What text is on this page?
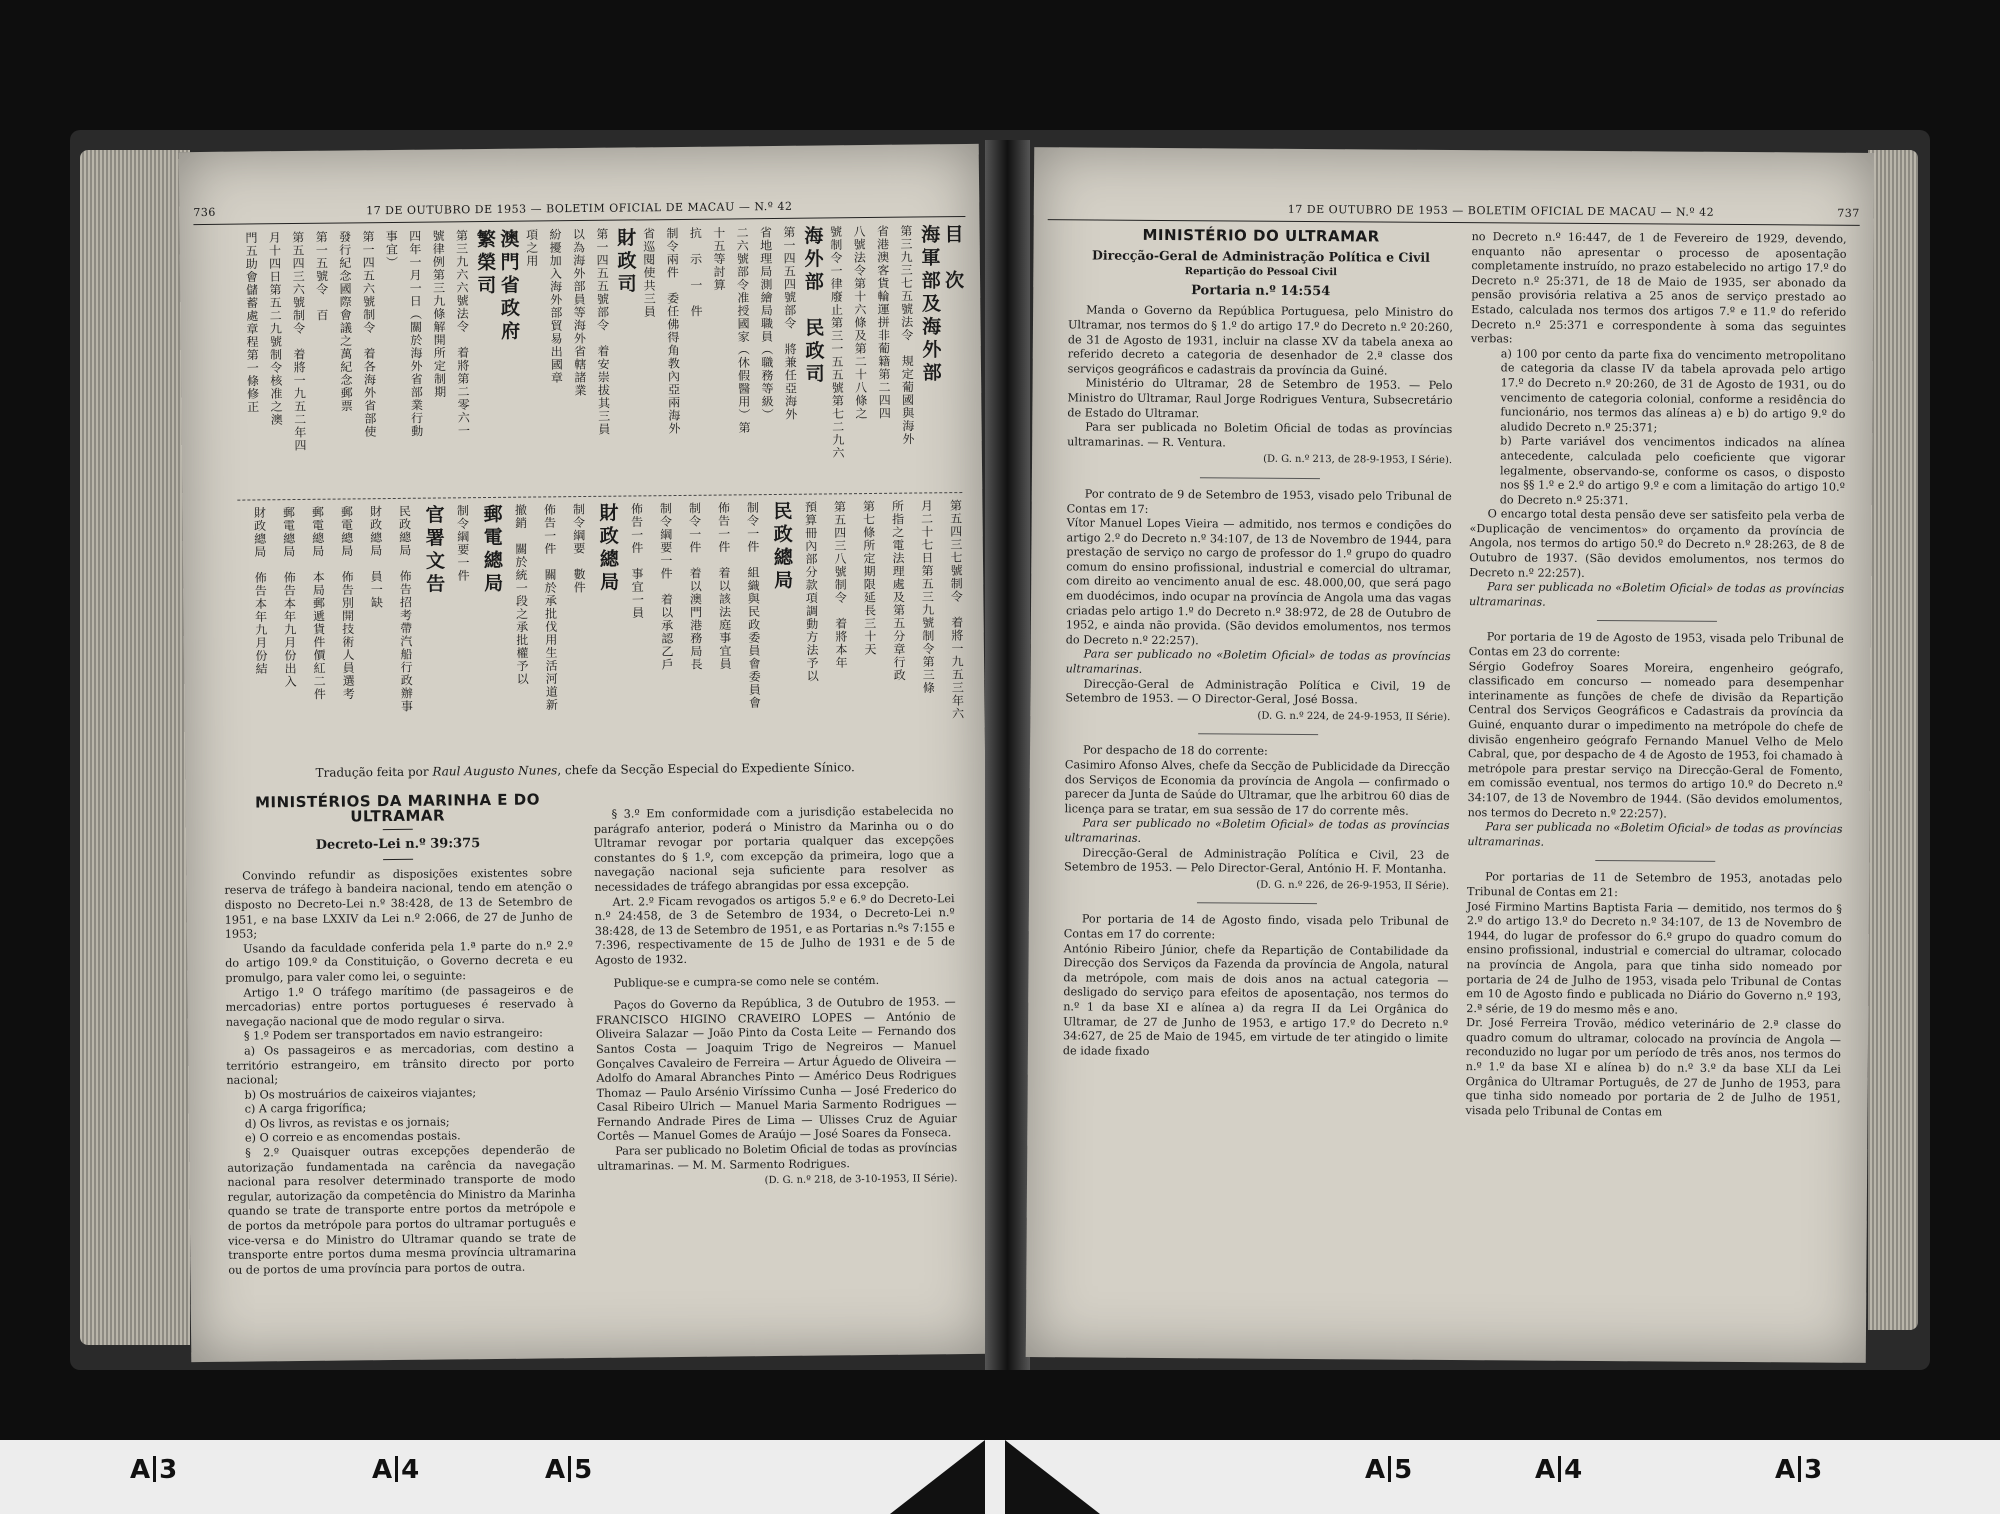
736	17 DE OUTUBRO DE 1953 — BOLETIM OFICIAL DE MACAU — N.º 42
目　次
海軍部及海外部
第三九三七五號法令　規定葡國與海外
省港澳客貨輪運拼非葡籍第二四四
八號法令第十六條及第二十八條之
號制令一律廢止第三一五五號第七二九六
海外部　民政司
第一四五四號部令　將兼任亞海外
省地理局測繪局職員（職務等級）
二六號部令准授國家（休假醫用）第
十五等討算
抗　示　一　件
制令兩件　委任佛得角教內亞兩海外
省巡閱使共三員
財政司
第一四五五號部令　着安崇拔其三員
以為海外部員等海外省轄諸業
紛擾加入海外部貿易出國章
項之用
澳門省政府
繁榮司
第三九六六號法令　着將第二零六一
號律例第三九條解開所定制期
四年一月一日（關於海外省部業行動
事宜）
第一四五六號制令　着各海外省部使
發行紀念國際會議之萬紀念郵票
第一五號令　百
第五四三六號制令　着將一九五二年四
月十四日第五二九號制令核准之澳
門五助會儲蓄處章程第一條修正
第五四三七號制令　着將一九五三年六
月二十七日第五三九號制令第三條
所指之電法理處及第五分章行政
第七條所定期限延長三十天
第五四三八號制令　着將本年
預算冊內部分款項調動方法予以
民政總局
制令一件　組織與民政委員會委員會
佈告一件　着以該法庭事宜員
制令一件　着以澳門港務局長
制令綱要一件　着以承認乙戶
佈告一件　事宜一員
財政總局
制令綱要　數件
佈告一件　關於承批伐用生活河道新
撤銷　關於統一段之承批權予以
郵電總局
制令綱要一件
官署文告
民政總局　佈告招考帶汽船行政辦事
財政總局　員一缺
郵電總局　佈告別開技術人員選考
郵電總局　本局郵遞貨件價紅二件
郵電總局　佈告本年九月份出入
財政總局　佈告本年九月份結
Tradução feita por Raul Augusto Nunes, chefe da Secção Especial do Expediente Sínico.
MINISTÉRIOS DA MARINHA E DO ULTRAMAR
Decreto-Lei n.º 39:375

Convindo refundir as disposições existentes sobre reserva de tráfego à bandeira nacional, tendo em atenção o disposto no Decreto-Lei n.º 38:428, de 13 de Setembro de 1951, e na base LXXIV da Lei n.º 2:066, de 27 de Junho de 1953;

Usando da faculdade conferida pela 1.ª parte do n.º 2.º do artigo 109.º da Constituição, o Governo decreta e eu promulgo, para valer como lei, o seguinte:

Artigo 1.º O tráfego marítimo (de passageiros e de mercadorias) entre portos portugueses é reservado à navegação nacional que de modo regular o sirva.

§ 1.º Podem ser transportados em navio estrangeiro:

a) Os passageiros e as mercadorias, com destino a território estrangeiro, em trânsito directo por porto nacional;

b) Os mostruários de caixeiros viajantes;

c) A carga frigorífica;

d) Os livros, as revistas e os jornais;

e) O correio e as encomendas postais.

§ 2.º Quaisquer outras excepções dependerão de autorização fundamentada na carência da navegação nacional para resolver determinado transporte de modo regular, autorização da competência do Ministro da Marinha quando se trate de transporte entre portos da metrópole e de portos da metrópole para portos do ultramar português e vice-versa e do Ministro do Ultramar quando se trate de transporte entre portos duma mesma província ultramarina ou de portos de uma província para portos de outra.

§ 3.º Em conformidade com a jurisdição estabelecida no parágrafo anterior, poderá o Ministro da Marinha ou o do Ultramar revogar por portaria qualquer das excepções constantes do § 1.º, com excepção da primeira, logo que a navegação nacional seja suficiente para resolver as necessidades de tráfego abrangidas por essa excepção.

Art. 2.º Ficam revogados os artigos 5.º e 6.º do Decreto-Lei n.º 24:458, de 3 de Setembro de 1934, o Decreto-Lei n.º 38:428, de 13 de Setembro de 1951, e as Portarias n.ºs 7:155 e 7:396, respectivamente de 15 de Julho de 1931 e de 5 de Agosto de 1932.

Publique-se e cumpra-se como nele se contém.

Paços do Governo da República, 3 de Outubro de 1953. — FRANCISCO HIGINO CRAVEIRO LOPES — António de Oliveira Salazar — João Pinto da Costa Leite — Fernando dos Santos Costa — Joaquim Trigo de Negreiros — Manuel Gonçalves Cavaleiro de Ferreira — Artur Águedo de Oliveira — Adolfo do Amaral Abranches Pinto — Américo Deus Rodrigues Thomaz — Paulo Arsénio Viríssimo Cunha — José Frederico do Casal Ribeiro Ulrich — Manuel Maria Sarmento Rodrigues — Fernando Andrade Pires de Lima — Ulisses Cruz de Aguiar Cortês — Manuel Gomes de Araújo — José Soares da Fonseca.

Para ser publicado no Boletim Oficial de todas as províncias ultramarinas. — M. M. Sarmento Rodrigues.

(D. G. n.º 218, de 3-10-1953, II Série).
17 DE OUTUBRO DE 1953 — BOLETIM OFICIAL DE MACAU — N.º 42	737
MINISTÉRIO DO ULTRAMAR
Direcção-Geral de Administração Política e Civil
Repartição do Pessoal Civil
Portaria n.º 14:554

Manda o Governo da República Portuguesa, pelo Ministro do Ultramar, nos termos do § 1.º do artigo 17.º do Decreto n.º 20:260, de 31 de Agosto de 1931, incluir na classe XV da tabela anexa ao referido decreto a categoria de desenhador de 2.ª classe dos serviços geográficos e cadastrais da província da Guiné.

Ministério do Ultramar, 28 de Setembro de 1953. — Pelo Ministro do Ultramar, Raul Jorge Rodrigues Ventura, Subsecretário de Estado do Ultramar.

Para ser publicada no Boletim Oficial de todas as províncias ultramarinas. — R. Ventura.

(D. G. n.º 213, de 28-9-1953, I Série).

Por contrato de 9 de Setembro de 1953, visado pelo Tribunal de Contas em 17:

Vítor Manuel Lopes Vieira — admitido, nos termos e condições do artigo 2.º do Decreto n.º 34:107, de 13 de Novembro de 1944, para prestação de serviço no cargo de professor do 1.º grupo do quadro comum do ensino profissional, industrial e comercial do ultramar, com direito ao vencimento anual de esc. 48.000,00, que será pago em duodécimos, indo ocupar na província de Angola uma das vagas criadas pelo artigo 1.º do Decreto n.º 38:972, de 28 de Outubro de 1952, e ainda não provida. (São devidos emolumentos, nos termos do Decreto n.º 22:257).

Para ser publicado no «Boletim Oficial» de todas as províncias ultramarinas.

Direcção-Geral de Administração Política e Civil, 19 de Setembro de 1953. — O Director-Geral, José Bossa.

(D. G. n.º 224, de 24-9-1953, II Série).

Por despacho de 18 do corrente:

Casimiro Afonso Alves, chefe da Secção de Publicidade da Direcção dos Serviços de Economia da província de Angola — confirmado o parecer da Junta de Saúde do Ultramar, que lhe arbitrou 60 dias de licença para se tratar, em sua sessão de 17 do corrente mês.

Para ser publicado no «Boletim Oficial» de todas as províncias ultramarinas.

Direcção-Geral de Administração Política e Civil, 23 de Setembro de 1953. — Pelo Director-Geral, António H. F. Montanha.

(D. G. n.º 226, de 26-9-1953, II Série).

Por portaria de 14 de Agosto findo, visada pelo Tribunal de Contas em 17 do corrente:

António Ribeiro Júnior, chefe da Repartição de Contabilidade da Direcção dos Serviços da Fazenda da província de Angola, natural da metrópole, com mais de dois anos na actual categoria — desligado do serviço para efeitos de aposentação, nos termos do n.º 1 da base XI e alínea a) da regra II da Lei Orgânica do Ultramar, de 27 de Junho de 1953, e artigo 17.º do Decreto n.º 34:627, de 25 de Maio de 1945, em virtude de ter atingido o limite de idade fixado

no Decreto n.º 16:447, de 1 de Fevereiro de 1929, devendo, enquanto não apresentar o processo de aposentação completamente instruído, no prazo estabelecido no artigo 17.º do Decreto n.º 25:371, de 18 de Maio de 1935, ser abonado da pensão provisória relativa a 25 anos de serviço prestado ao Estado, calculada nos termos dos artigos 7.º e 11.º do referido Decreto n.º 25:371 e correspondente à soma das seguintes verbas:

a) 100 por cento da parte fixa do vencimento metropolitano de categoria da classe IV da tabela aprovada pelo artigo 17.º do Decreto n.º 20:260, de 31 de Agosto de 1931, ou do vencimento de categoria colonial, conforme a residência do funcionário, nos termos das alíneas a) e b) do artigo 9.º do aludido Decreto n.º 25:371;

b) Parte variável dos vencimentos indicados na alínea antecedente, calculada pelo coeficiente que vigorar legalmente, observando-se, conforme os casos, o disposto nos §§ 1.º e 2.º do artigo 9.º e com a limitação do artigo 10.º do Decreto n.º 25:371.

O encargo total desta pensão deve ser satisfeito pela verba de «Duplicação de vencimentos» do orçamento da província de Angola, nos termos do artigo 50.º do Decreto n.º 28:263, de 8 de Outubro de 1937. (São devidos emolumentos, nos termos do Decreto n.º 22:257).

Para ser publicada no «Boletim Oficial» de todas as províncias ultramarinas.

Por portaria de 19 de Agosto de 1953, visada pelo Tribunal de Contas em 23 do corrente:

Sérgio Godefroy Soares Moreira, engenheiro geógrafo, classificado em concurso — nomeado para desempenhar interinamente as funções de chefe de divisão da Repartição Central dos Serviços Geográficos e Cadastrais da província da Guiné, enquanto durar o impedimento na metrópole do chefe de divisão engenheiro geógrafo Fernando Manuel Velho de Melo Cabral, que, por despacho de 4 de Agosto de 1953, foi chamado à metrópole para prestar serviço na Direcção-Geral de Fomento, em comissão eventual, nos termos do artigo 10.º do Decreto n.º 34:107, de 13 de Novembro de 1944. (São devidos emolumentos, nos termos do Decreto n.º 22:257).

Para ser publicada no «Boletim Oficial» de todas as províncias ultramarinas.

Por portarias de 11 de Setembro de 1953, anotadas pelo Tribunal de Contas em 21:

José Firmino Martins Baptista Faria — demitido, nos termos do § 2.º do artigo 13.º do Decreto n.º 34:107, de 13 de Novembro de 1944, do lugar de professor do 6.º grupo do quadro comum do ensino profissional, industrial e comercial do ultramar, colocado na província de Angola, para que tinha sido nomeado por portaria de 24 de Julho de 1953, visada pelo Tribunal de Contas em 10 de Agosto findo e publicada no Diário do Governo n.º 193, 2.ª série, de 19 do mesmo mês e ano.

Dr. José Ferreira Trovão, médico veterinário de 2.ª classe do quadro comum do ultramar, colocado na província de Angola — reconduzido no lugar por um período de três anos, nos termos do n.º 1.º da base XI e alínea b) do n.º 3.º da base XLI da Lei Orgânica do Ultramar Português, de 27 de Junho de 1953, para que tinha sido nomeado por portaria de 2 de Julho de 1951, visada pelo Tribunal de Contas em

A 3	A 4	A 5	A 5	A 4	A 3
